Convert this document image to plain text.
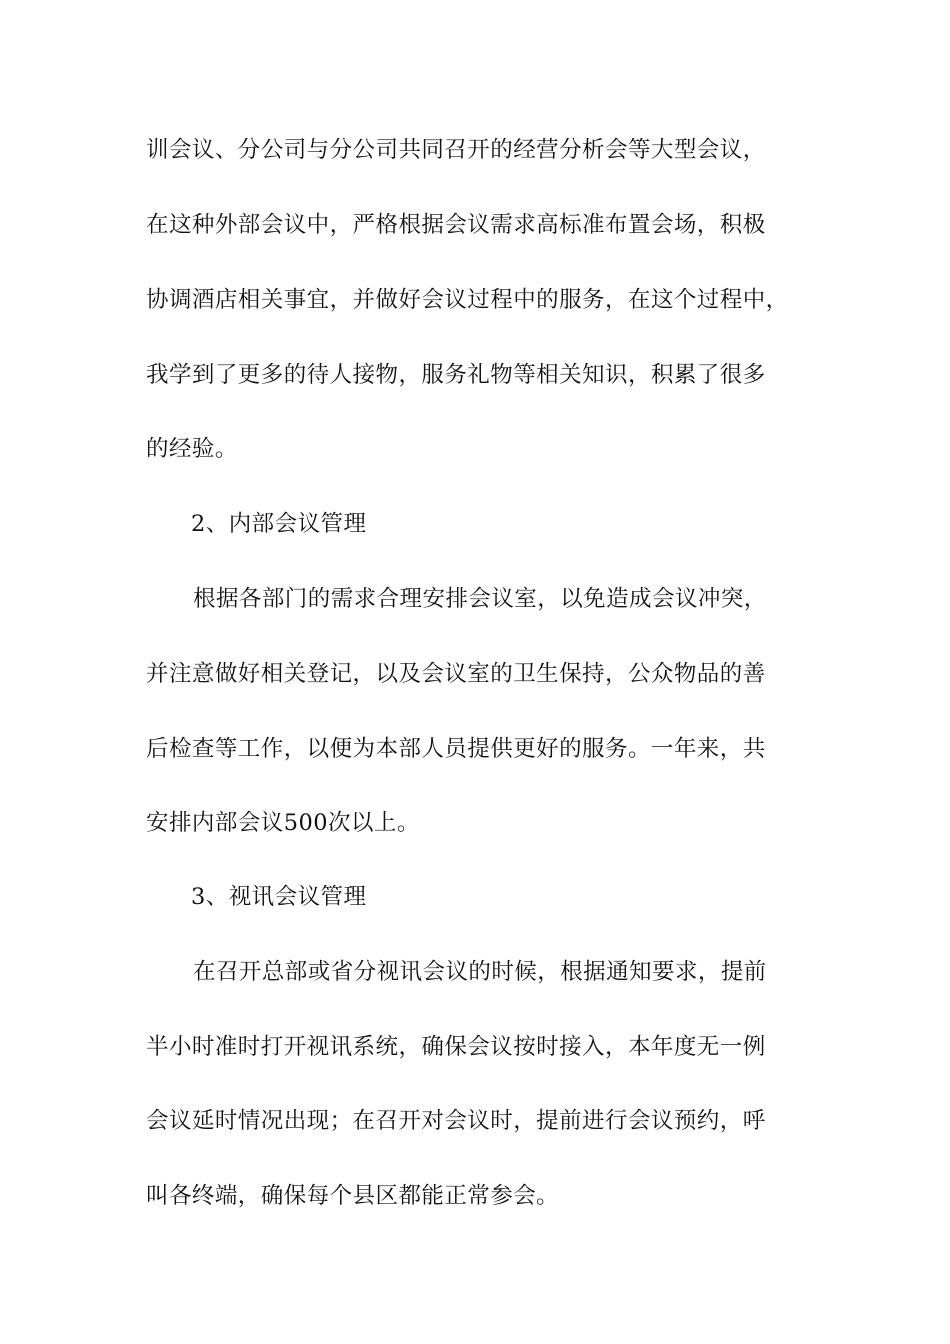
训会议、分公司与分公司共同召开的经营分析会等大型会议，
在这种外部会议中，严格根据会议需求高标准布置会场，积极
协调酒店相关事宜，并做好会议过程中的服务，在这个过程中，
我学到了更多的待人接物，服务礼物等相关知识，积累了很多
的经验。
2、内部会议管理
根据各部门的需求合理安排会议室，以免造成会议冲突，
并注意做好相关登记，以及会议室的卫生保持，公众物品的善
后检查等工作，以便为本部人员提供更好的服务。一年来，共
安排内部会议500次以上。
3、视讯会议管理
在召开总部或省分视讯会议的时候，根据通知要求，提前
半小时准时打开视讯系统，确保会议按时接入，本年度无一例
会议延时情况出现；在召开对会议时，提前进行会议预约，呼
叫各终端，确保每个县区都能正常参会。
